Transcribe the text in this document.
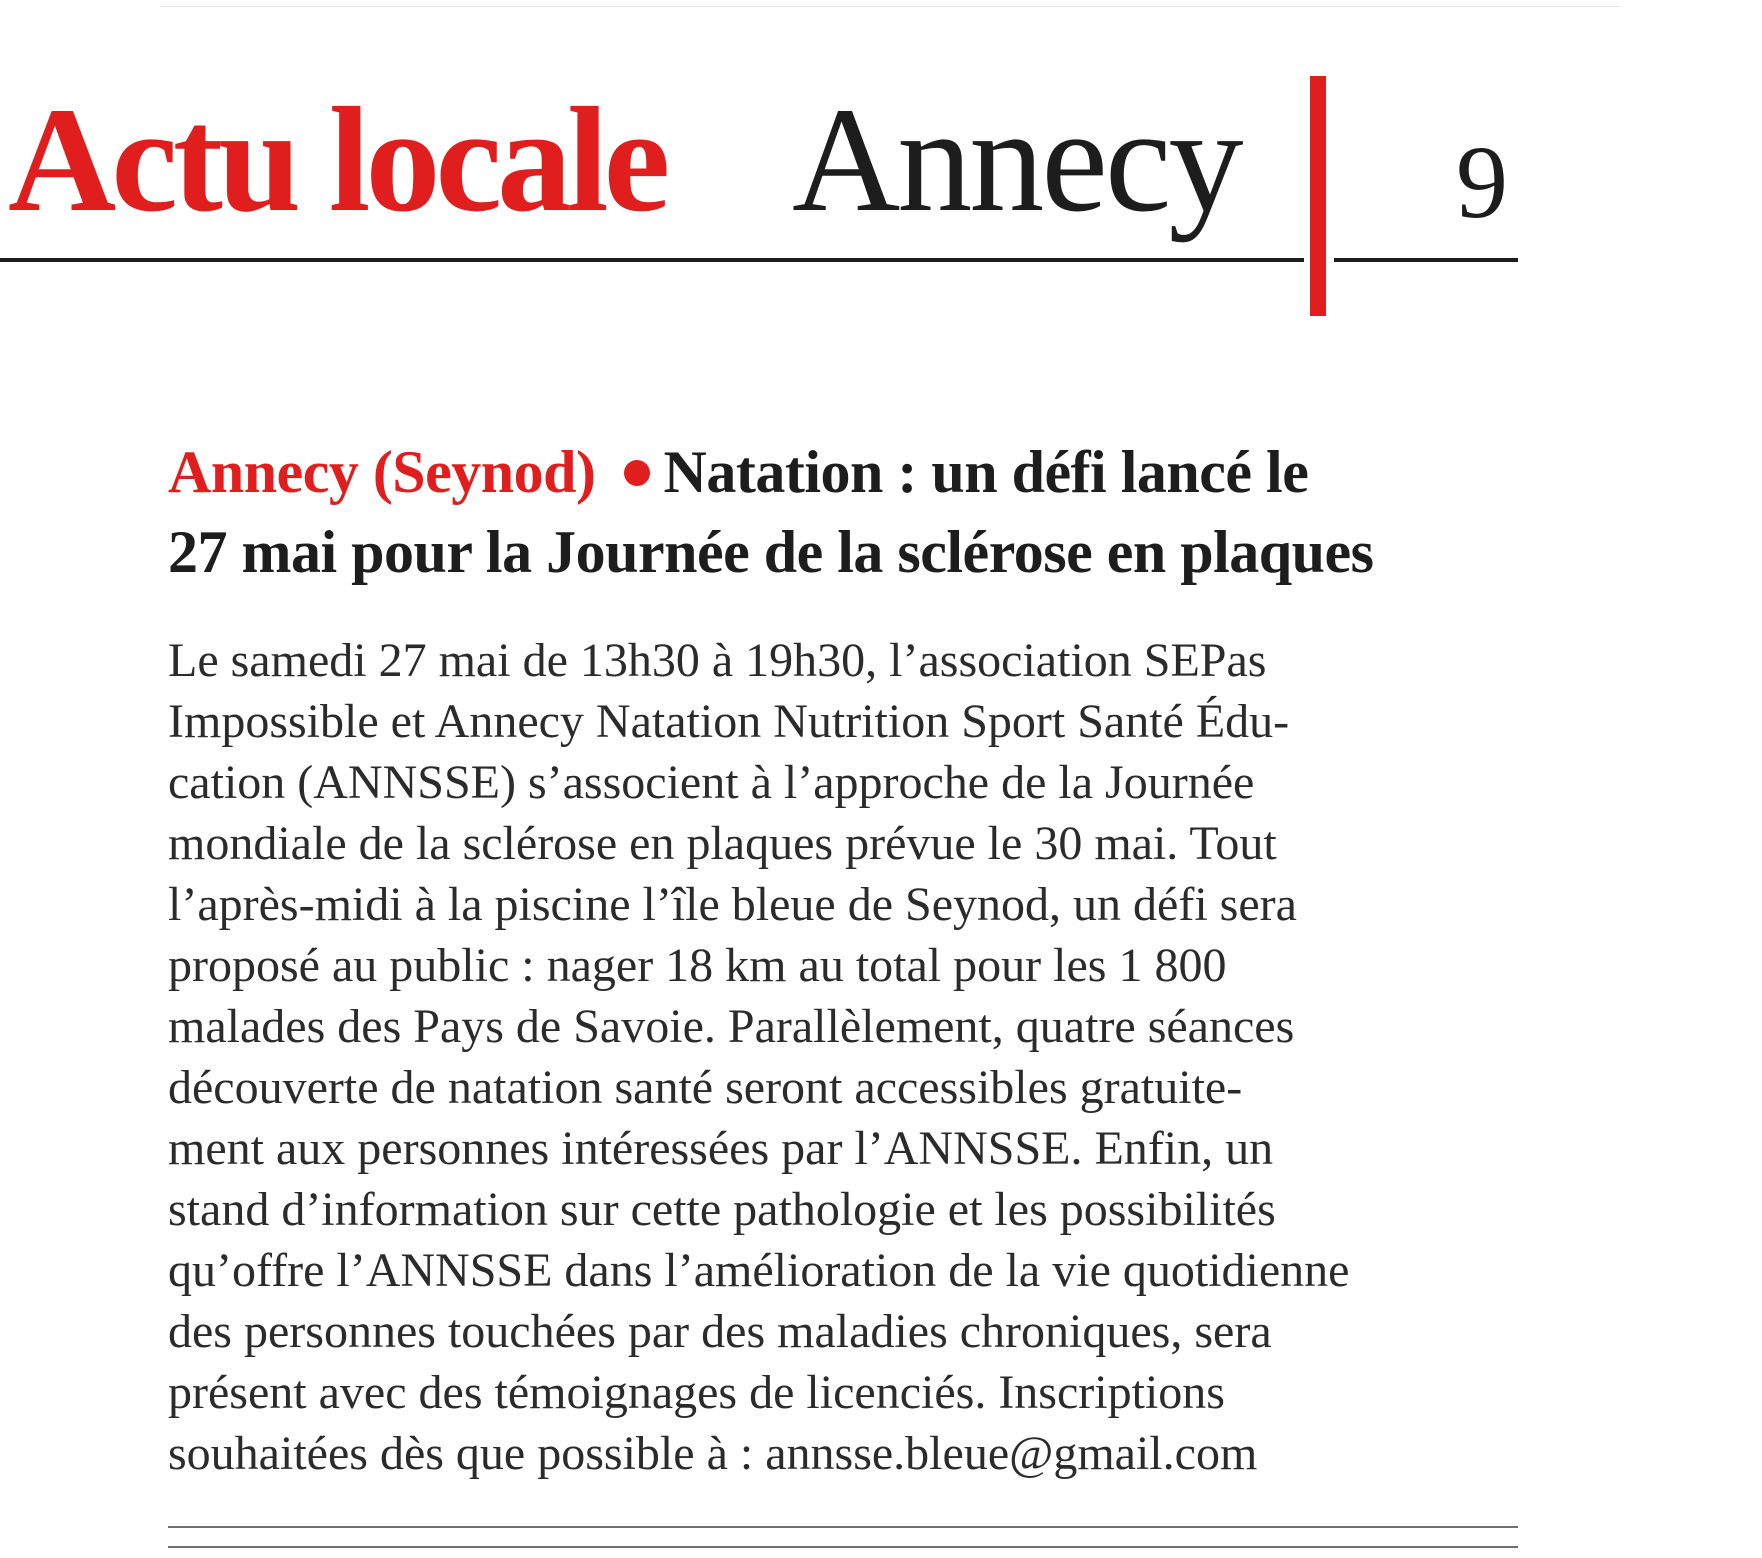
Actu locale Annecy 9
Annecy (Seynod) Natation : un défi lancé le
27 mai pour la Journée de la sclérose en plaques
Le samedi 27 mai de 13h30 à 19h30, l’association SEPas
Impossible et Annecy Natation Nutrition Sport Santé Édu-
cation (ANNSSE) s’associent à l’approche de la Journée
mondiale de la sclérose en plaques prévue le 30 mai. Tout
l’après-midi à la piscine l’île bleue de Seynod, un défi sera
proposé au public : nager 18 km au total pour les 1 800
malades des Pays de Savoie. Parallèlement, quatre séances
découverte de natation santé seront accessibles gratuite-
ment aux personnes intéressées par l’ANNSSE. Enfin, un
stand d’information sur cette pathologie et les possibilités
qu’offre l’ANNSSE dans l’amélioration de la vie quotidienne
des personnes touchées par des maladies chroniques, sera
présent avec des témoignages de licenciés. Inscriptions
souhaitées dès que possible à : annsse.bleue@gmail.com
